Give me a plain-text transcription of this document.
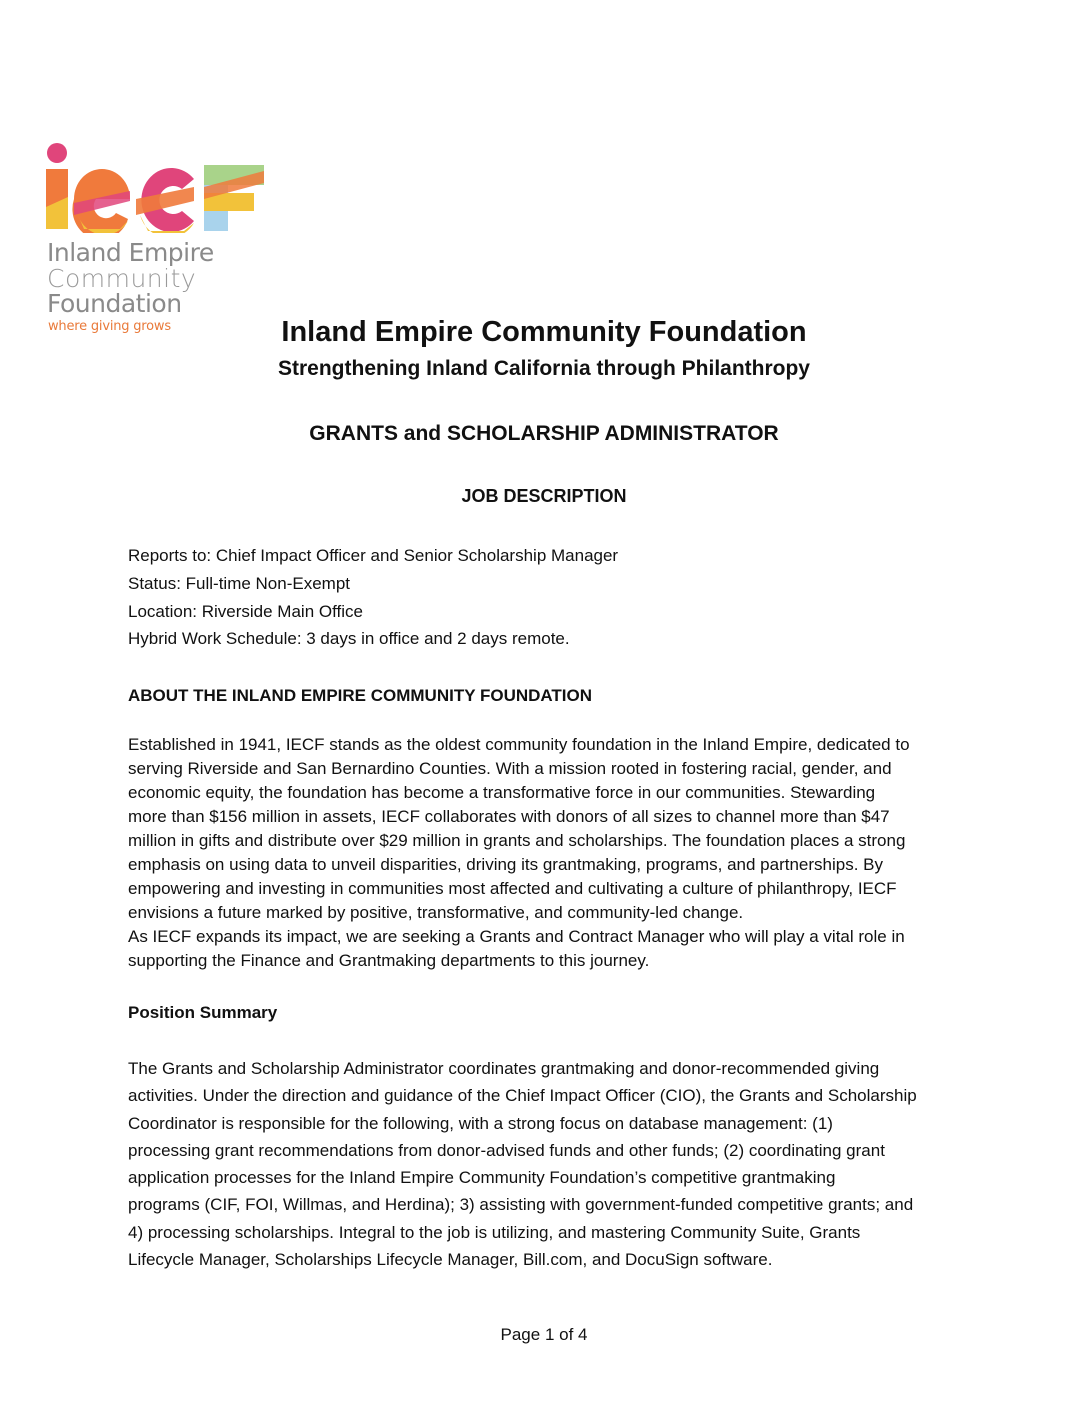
Inland Empire
Community
Foundation
where giving grows	Inland Empire Community Foundation
Strengthening Inland California through Philanthropy
GRANTS and SCHOLARSHIP ADMINISTRATOR
JOB DESCRIPTION
Reports to: Chief Impact Officer and Senior Scholarship Manager
Status: Full-time Non-Exempt
Location: Riverside Main Office
Hybrid Work Schedule: 3 days in office and 2 days remote.
ABOUT THE INLAND EMPIRE COMMUNITY FOUNDATION

Established in 1941, IECF stands as the oldest community foundation in the Inland Empire, dedicated to

serving Riverside and San Bernardino Counties. With a mission rooted in fostering racial, gender, and

economic equity, the foundation has become a transformative force in our communities. Stewarding

more than $156 million in assets, IECF collaborates with donors of all sizes to channel more than $47

million in gifts and distribute over $29 million in grants and scholarships. The foundation places a strong

emphasis on using data to unveil disparities, driving its grantmaking, programs, and partnerships. By

empowering and investing in communities most affected and cultivating a culture of philanthropy, IECF

envisions a future marked by positive, transformative, and community-led change.

As IECF expands its impact, we are seeking a Grants and Contract Manager who will play a vital role in

supporting the Finance and Grantmaking departments to this journey.

Position Summary

The Grants and Scholarship Administrator coordinates grantmaking and donor-recommended giving

activities. Under the direction and guidance of the Chief Impact Officer (CIO), the Grants and Scholarship

Coordinator is responsible for the following, with a strong focus on database management: (1)

processing grant recommendations from donor-advised funds and other funds; (2) coordinating grant

application processes for the Inland Empire Community Foundation’s competitive grantmaking

programs (CIF, FOI, Willmas, and Herdina); 3) assisting with government-funded competitive grants; and

4) processing scholarships. Integral to the job is utilizing, and mastering Community Suite, Grants

Lifecycle Manager, Scholarships Lifecycle Manager, Bill.com, and DocuSign software.

Page 1 of 4
